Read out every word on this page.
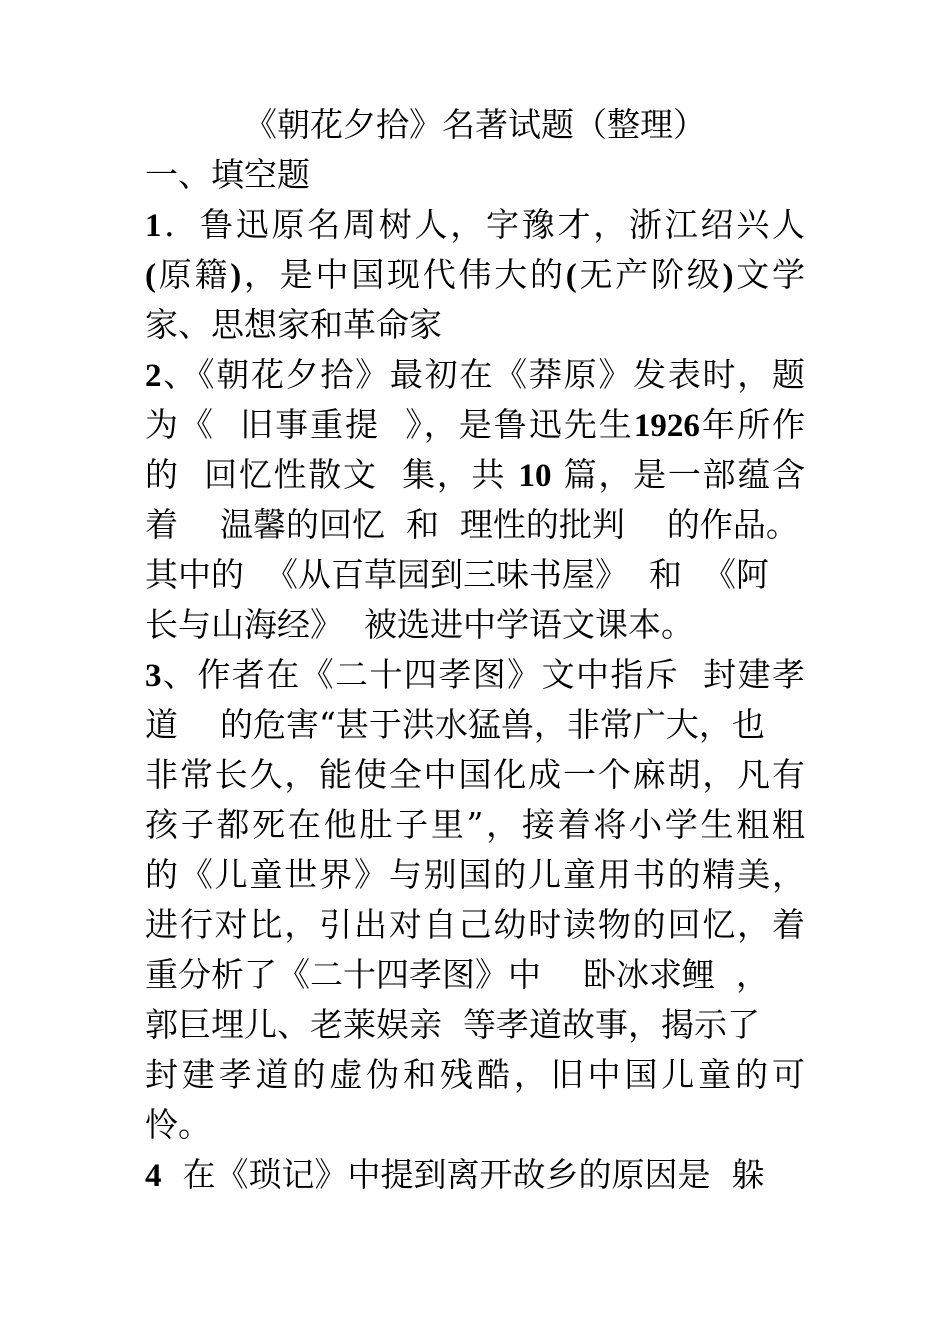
《朝花夕拾》名著试题（整理）
一、填空题
1．鲁迅原名周树人，字豫才，浙江绍兴人
(原籍)，是中国现代伟大的(无产阶级)文学
家、思想家和革命家
2、《朝花夕拾》最初在《莽原》发表时，题
为《  旧事重提  》，是鲁迅先生1926年所作
的  回忆性散文  集，共 10 篇，是一部蕴含
着    温馨的回忆  和  理性的批判    的作品。
其中的  《从百草园到三味书屋》  和  《阿
长与山海经》  被选进中学语文课本。
3、作者在《二十四孝图》文中指斥  封建孝
道    的危害“甚于洪水猛兽，非常广大，也
非常长久，能使全中国化成一个麻胡，凡有
孩子都死在他肚子里”，接着将小学生粗粗
的《儿童世界》与别国的儿童用书的精美，
进行对比，引出对自己幼时读物的回忆，着
重分析了《二十四孝图》中    卧冰求鲤  ，
郭巨埋儿、老莱娱亲  等孝道故事，揭示了
封建孝道的虚伪和残酷，旧中国儿童的可
怜。
4  在《琐记》中提到离开故乡的原因是  躲
